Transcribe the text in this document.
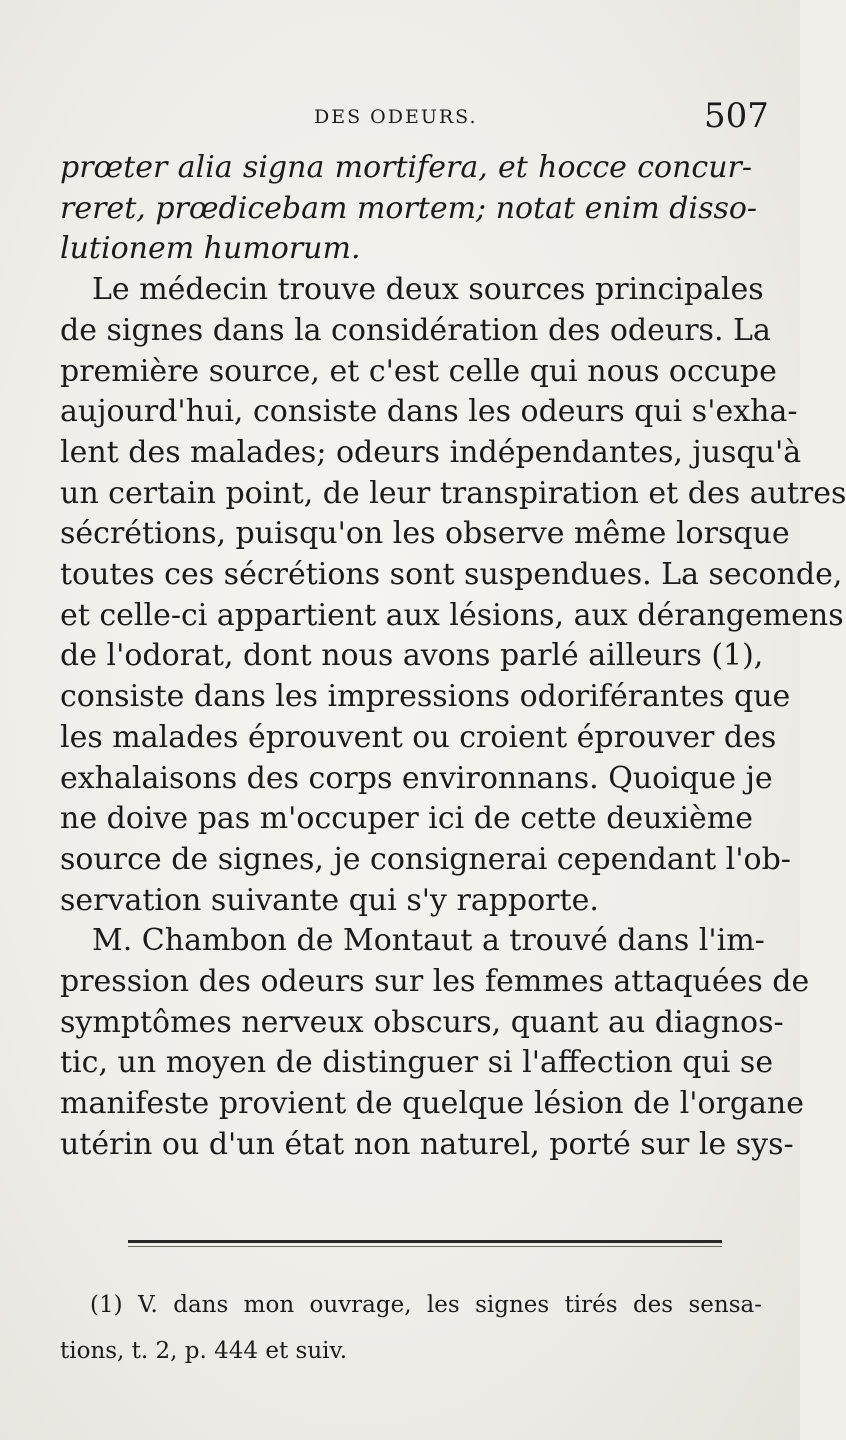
DES ODEURS.	507
prœter alia signa mortifera, et hocce concur-
reret, prœdicebam mortem; notat enim disso-
lutionem humorum.
Le médecin trouve deux sources principales
de signes dans la considération des odeurs. La
première source, et c'est celle qui nous occupe
aujourd'hui, consiste dans les odeurs qui s'exha-
lent des malades; odeurs indépendantes, jusqu'à
un certain point, de leur transpiration et des autres
sécrétions, puisqu'on les observe même lorsque
toutes ces sécrétions sont suspendues. La seconde,
et celle-ci appartient aux lésions, aux dérangemens
de l'odorat, dont nous avons parlé ailleurs (1),
consiste dans les impressions odoriférantes que
les malades éprouvent ou croient éprouver des
exhalaisons des corps environnans. Quoique je
ne doive pas m'occuper ici de cette deuxième
source de signes, je consignerai cependant l'ob-
servation suivante qui s'y rapporte.
M. Chambon de Montaut a trouvé dans l'im-
pression des odeurs sur les femmes attaquées de
symptômes nerveux obscurs, quant au diagnos-
tic, un moyen de distinguer si l'affection qui se
manifeste provient de quelque lésion de l'organe
utérin ou d'un état non naturel, porté sur le sys-
(1) V. dans mon ouvrage, les signes tirés des sensa-
tions, t. 2, p. 444 et suiv.
